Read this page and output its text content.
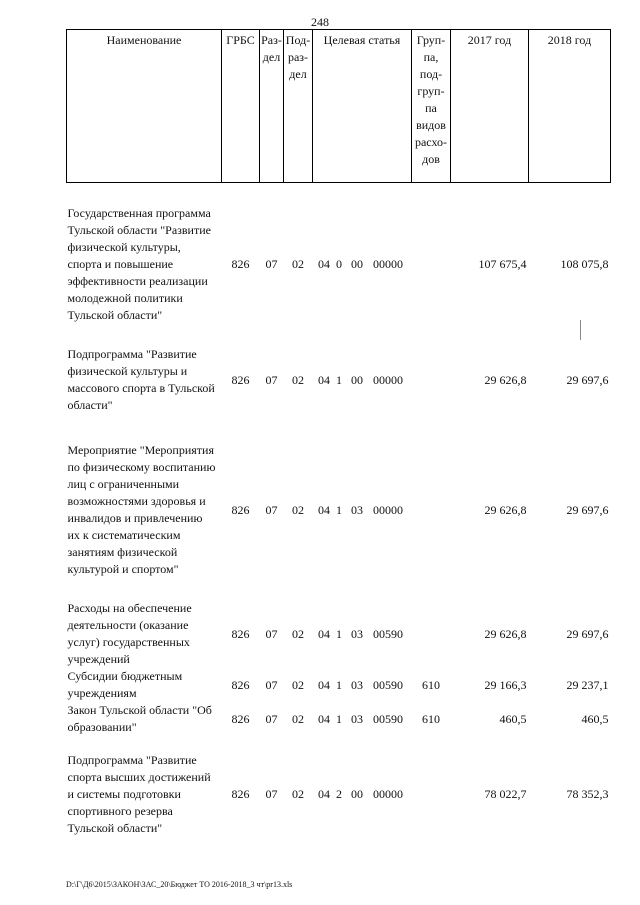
248
Наименование	ГРБС	Раз-дел	Под-раз-дел	Целевая статья	Груп-па, под-груп-па видов расхо-дов	2017 год	2018 год

Государственная программа Тульской области "Развитие физической культуры, спорта и повышение эффективности реализации молодежной политики Тульской области"	826	07	02	04 0 00 00000		107 675,4	108 075,8

Подпрограмма "Развитие физической культуры и массового спорта в Тульской области"	826	07	02	04 1 00 00000		29 626,8	29 697,6

Мероприятие "Мероприятия по физическому воспитанию лиц с ограниченными возможностями здоровья и инвалидов и привлечению их к систематическим занятиям физической культурой и спортом"	826	07	02	04 1 03 00000		29 626,8	29 697,6

Расходы на обеспечение деятельности (оказание услуг) государственных учреждений	826	07	02	04 1 03 00590		29 626,8	29 697,6
Субсидии бюджетным учреждениям	826	07	02	04 1 03 00590	610	29 166,3	29 237,1
Закон Тульской области "Об образовании"	826	07	02	04 1 03 00590	610	460,5	460,5

Подпрограмма "Развитие спорта высших достижений и системы подготовки спортивного резерва Тульской области"	826	07	02	04 2 00 00000		78 022,7	78 352,3
D:\Г\Д6\2015\ЗАКОН\ЗАС_20\Бюджет ТО 2016-2018_3 чт\pr13.xls
